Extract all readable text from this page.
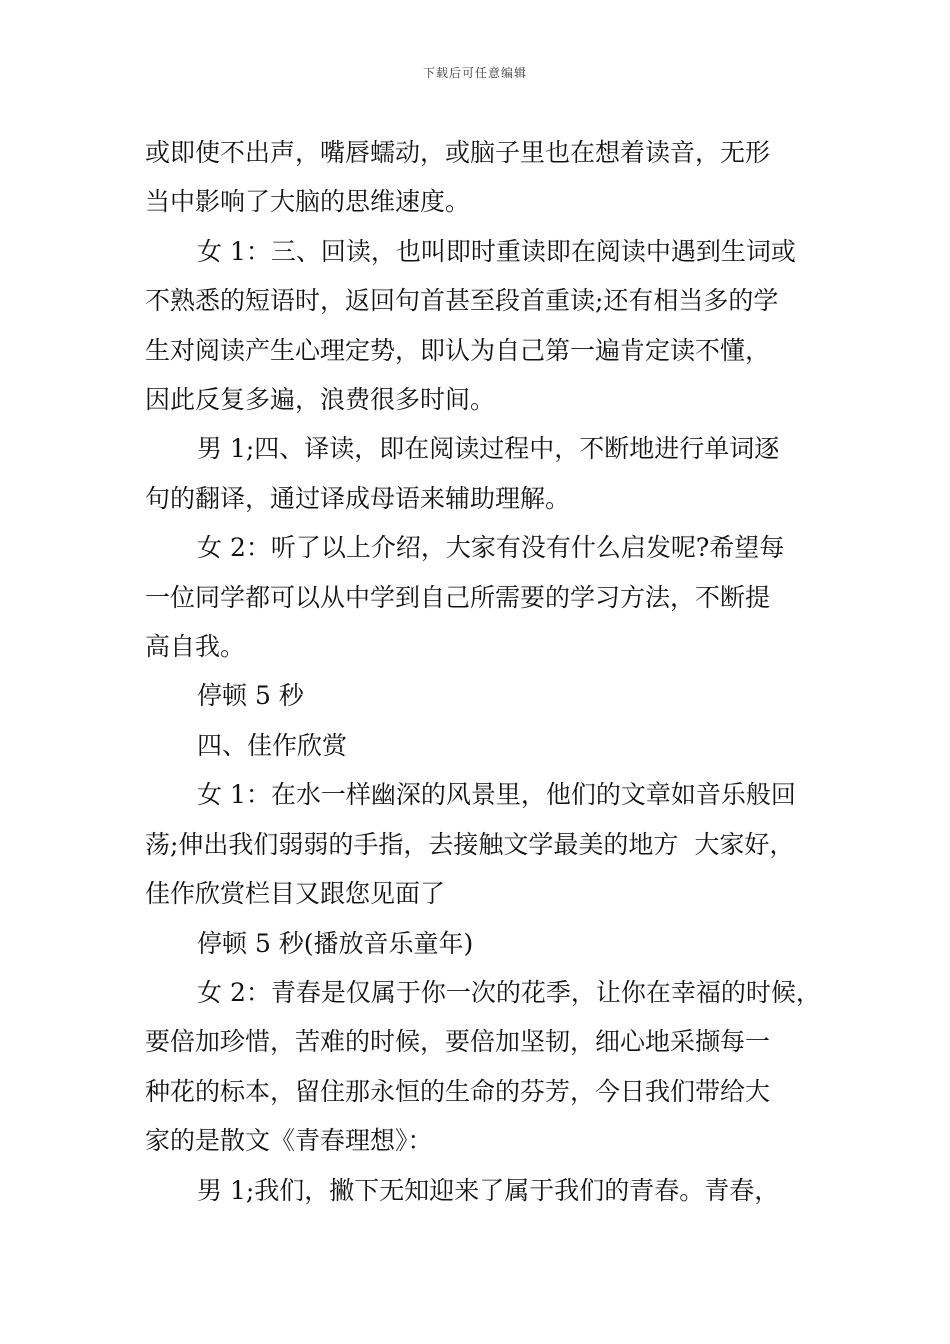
下载后可任意编辑
或即使不出声，嘴唇蠕动，或脑子里也在想着读音，无形
当中影响了大脑的思维速度。
女 1：三、回读，也叫即时重读即在阅读中遇到生词或
不熟悉的短语时，返回句首甚至段首重读;还有相当多的学
生对阅读产生心理定势，即认为自己第一遍肯定读不懂，
因此反复多遍，浪费很多时间。
男 1;四、译读，即在阅读过程中，不断地进行单词逐
句的翻译，通过译成母语来辅助理解。
女 2：听了以上介绍，大家有没有什么启发呢?希望每
一位同学都可以从中学到自己所需要的学习方法，不断提
高自我。
停顿 5 秒
四、佳作欣赏
女 1：在水一样幽深的风景里，他们的文章如音乐般回
荡;伸出我们弱弱的手指，去接触文学最美的地方  大家好，
佳作欣赏栏目又跟您见面了
停顿 5 秒(播放音乐童年)
女 2：青春是仅属于你一次的花季，让你在幸福的时候，
要倍加珍惜，苦难的时候，要倍加坚韧，细心地采撷每一
种花的标本，留住那永恒的生命的芬芳，今日我们带给大
家的是散文《青春理想》：
男 1;我们，撇下无知迎来了属于我们的青春。青春，
